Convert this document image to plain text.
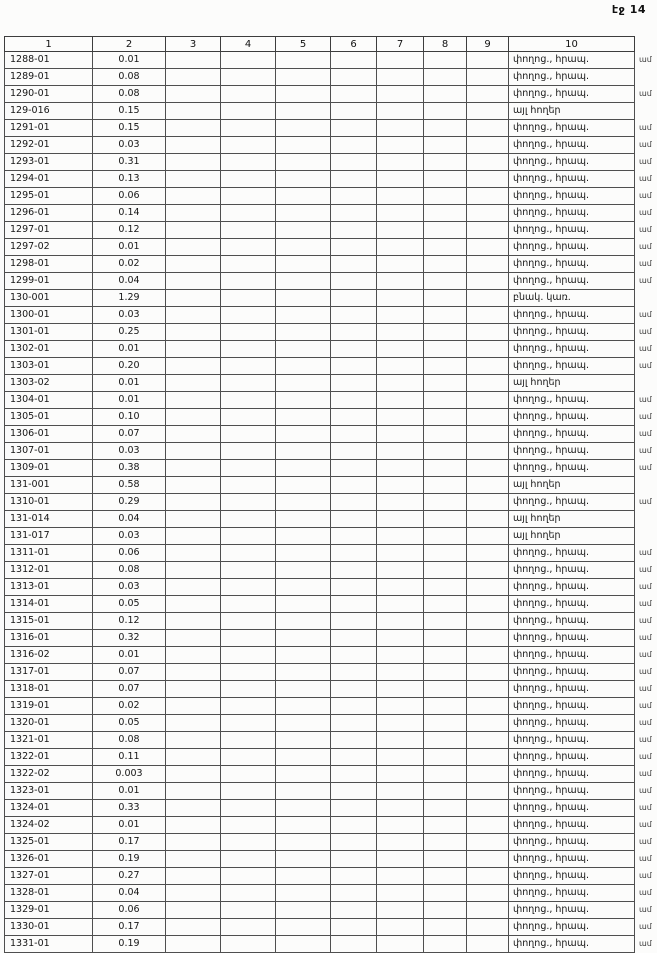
էջ 14
1	2	3	4	5	6	7	8	9	10	
1288-01	0.01								փողոց., հրապ.	ամ
1289-01	0.08								փողոց., հրապ.	
1290-01	0.08								փողոց., հրապ.	ամ
129-016	0.15								այլ հողեր	
1291-01	0.15								փողոց., հրապ.	ամ
1292-01	0.03								փողոց., հրապ.	ամ
1293-01	0.31								փողոց., հրապ.	ամ
1294-01	0.13								փողոց., հրապ.	ամ
1295-01	0.06								փողոց., հրապ.	ամ
1296-01	0.14								փողոց., հրապ.	ամ
1297-01	0.12								փողոց., հրապ.	ամ
1297-02	0.01								փողոց., հրապ.	ամ
1298-01	0.02								փողոց., հրապ.	ամ
1299-01	0.04								փողոց., հրապ.	ամ
130-001	1.29								բնակ. կառ.	
1300-01	0.03								փողոց., հրապ.	ամ
1301-01	0.25								փողոց., հրապ.	ամ
1302-01	0.01								փողոց., հրապ.	ամ
1303-01	0.20								փողոց., հրապ.	ամ
1303-02	0.01								այլ հողեր	
1304-01	0.01								փողոց., հրապ.	ամ
1305-01	0.10								փողոց., հրապ.	ամ
1306-01	0.07								փողոց., հրապ.	ամ
1307-01	0.03								փողոց., հրապ.	ամ
1309-01	0.38								փողոց., հրապ.	ամ
131-001	0.58								այլ հողեր	
1310-01	0.29								փողոց., հրապ.	ամ
131-014	0.04								այլ հողեր	
131-017	0.03								այլ հողեր	
1311-01	0.06								փողոց., հրապ.	ամ
1312-01	0.08								փողոց., հրապ.	ամ
1313-01	0.03								փողոց., հրապ.	ամ
1314-01	0.05								փողոց., հրապ.	ամ
1315-01	0.12								փողոց., հրապ.	ամ
1316-01	0.32								փողոց., հրապ.	ամ
1316-02	0.01								փողոց., հրապ.	ամ
1317-01	0.07								փողոց., հրապ.	ամ
1318-01	0.07								փողոց., հրապ.	ամ
1319-01	0.02								փողոց., հրապ.	ամ
1320-01	0.05								փողոց., հրապ.	ամ
1321-01	0.08								փողոց., հրապ.	ամ
1322-01	0.11								փողոց., հրապ.	ամ
1322-02	0.003								փողոց., հրապ.	ամ
1323-01	0.01								փողոց., հրապ.	ամ
1324-01	0.33								փողոց., հրապ.	ամ
1324-02	0.01								փողոց., հրապ.	ամ
1325-01	0.17								փողոց., հրապ.	ամ
1326-01	0.19								փողոց., հրապ.	ամ
1327-01	0.27								փողոց., հրապ.	ամ
1328-01	0.04								փողոց., հրապ.	ամ
1329-01	0.06								փողոց., հրապ.	ամ
1330-01	0.17								փողոց., հրապ.	ամ
1331-01	0.19								փողոց., հրապ.	ամ
